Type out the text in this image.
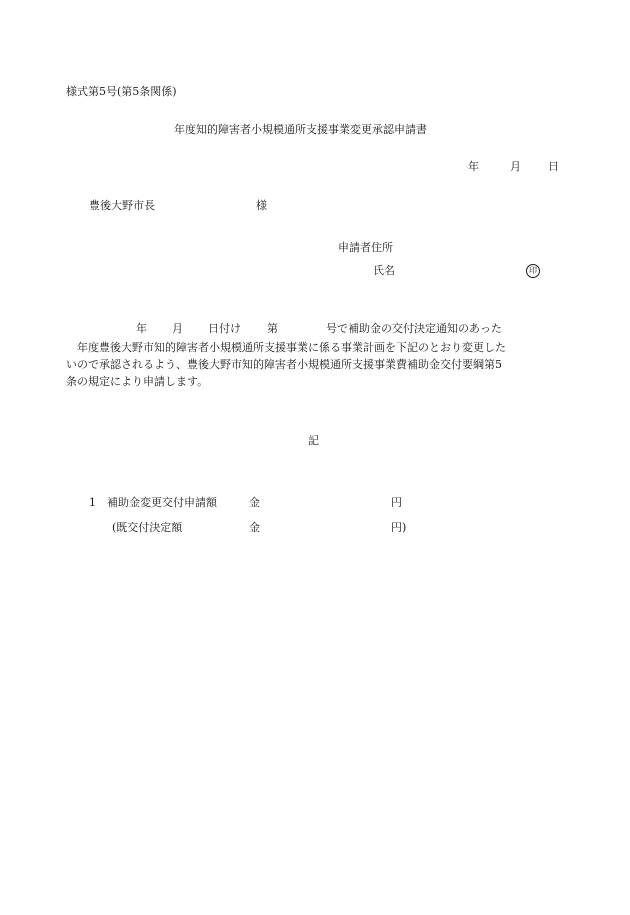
様式第5号(第5条関係)
年度知的障害者小規模通所支援事業変更承認申請書
年	月 日
豊後大野市長	様
申請者住所
氏名	印
年 月 日付け 第	号で補助金の交付決定通知のあった
年度豊後大野市知的障害者小規模通所支援事業に係る事業計画を下記のとおり変更した
いので承認されるよう、豊後大野市知的障害者小規模通所支援事業費補助金交付要綱第5
条の規定により申請します。
記
1 補助金変更交付申請額	金	円
(既交付決定額	金	円)
